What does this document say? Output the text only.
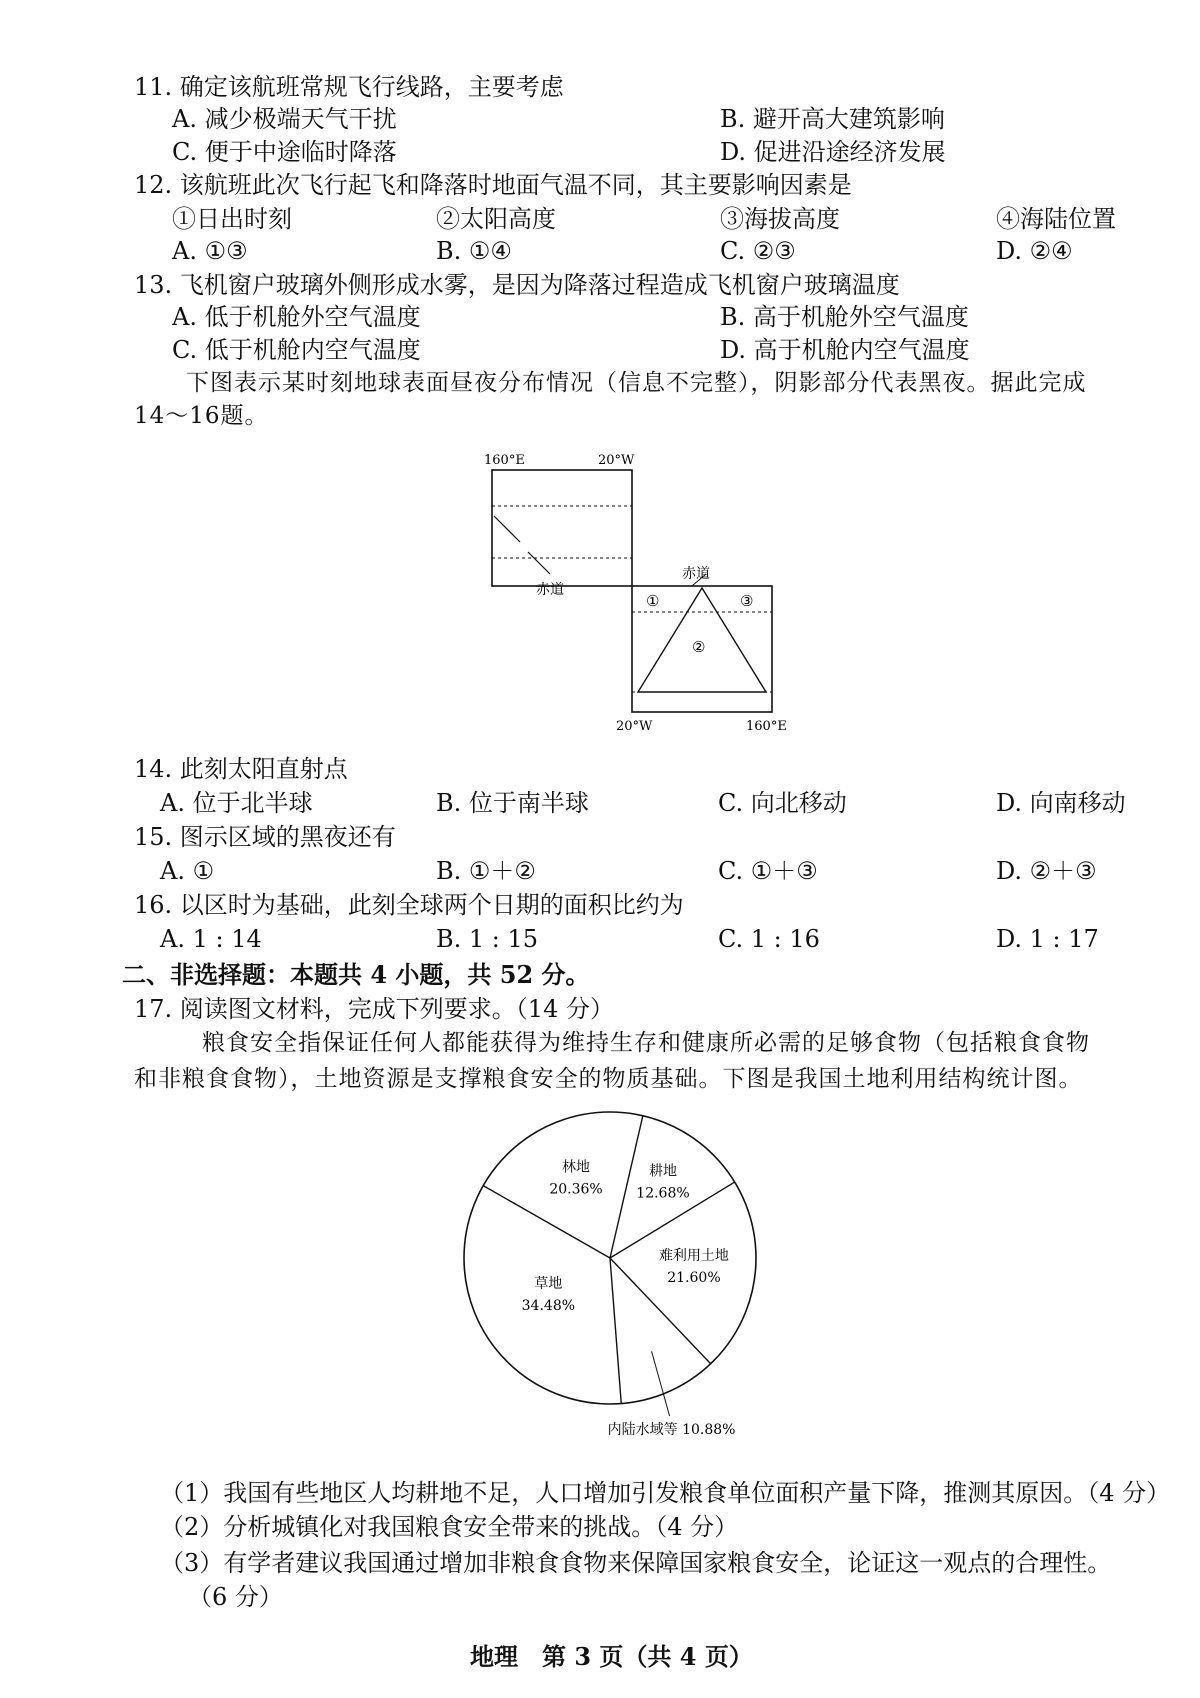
11. 确定该航班常规飞行线路，主要考虑
A. 减少极端天气干扰	B. 避开高大建筑影响
C. 便于中途临时降落	D. 促进沿途经济发展
12. 该航班此次飞行起飞和降落时地面气温不同，其主要影响因素是
①日出时刻	②太阳高度	③海拔高度	④海陆位置
A. ①③	B. ①④	C. ②③	D. ②④
13. 飞机窗户玻璃外侧形成水雾，是因为降落过程造成飞机窗户玻璃温度
A. 低于机舱外空气温度	B. 高于机舱外空气温度
C. 低于机舱内空气温度	D. 高于机舱内空气温度
下图表示某时刻地球表面昼夜分布情况（信息不完整），阴影部分代表黑夜。据此完成
14～16题。
160°E	20°W
赤道
赤道
①
②
③
20°W	160°E
14. 此刻太阳直射点
A. 位于北半球	B. 位于南半球	C. 向北移动	D. 向南移动
15. 图示区域的黑夜还有
A. ①	B. ①＋②	C. ①＋③	D. ②＋③
16. 以区时为基础，此刻全球两个日期的面积比约为
A. 1 : 14	B. 1 : 15	C. 1 : 16	D. 1 : 17
二、非选择题：本题共 4 小题，共 52 分。
17. 阅读图文材料，完成下列要求。（14 分）
粮食安全指保证任何人都能获得为维持生存和健康所必需的足够食物（包括粮食食物
和非粮食食物），土地资源是支撑粮食安全的物质基础。下图是我国土地利用结构统计图。
林地
20.36%
耕地
12.68%
难利用土地
21.60%
草地
34.48%
内陆水域等 10.88%
（1）我国有些地区人均耕地不足，人口增加引发粮食单位面积产量下降，推测其原因。（4 分）
（2）分析城镇化对我国粮食安全带来的挑战。（4 分）
（3）有学者建议我国通过增加非粮食食物来保障国家粮食安全，论证这一观点的合理性。
（6 分）
地理　第 3 页（共 4 页）
